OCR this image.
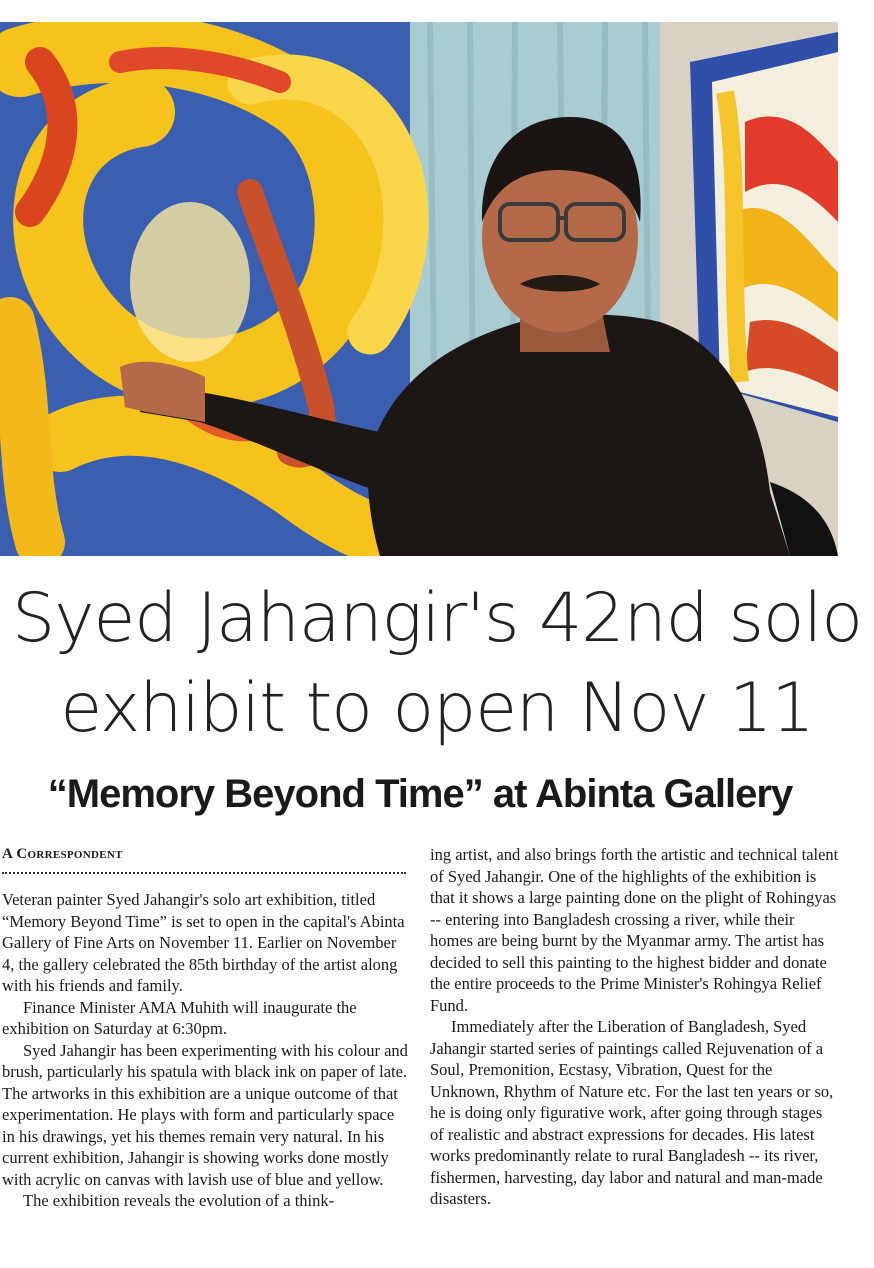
Syed Jahangir's 42nd solo
exhibit to open Nov 11
“Memory Beyond Time” at Abinta Gallery
A Correspondent

Veteran painter Syed Jahangir's solo art exhibition, titled “Memory Beyond Time” is set to open in the capital's Abinta Gallery of Fine Arts on November 11. Earlier on November 4, the gallery celebrated the 85th birthday of the artist along with his friends and family.

Finance Minister AMA Muhith will inaugurate the exhibition on Saturday at 6:30pm.

Syed Jahangir has been experimenting with his colour and brush, particularly his spatula with black ink on paper of late. The artworks in this exhibition are a unique outcome of that experimentation. He plays with form and particularly space in his drawings, yet his themes remain very natural. In his current exhibition, Jahangir is showing works done mostly with acrylic on canvas with lavish use of blue and yellow.

The exhibition reveals the evolution of a think-

ing artist, and also brings forth the artistic and technical talent of Syed Jahangir. One of the highlights of the exhibition is that it shows a large painting done on the plight of Rohingyas -- entering into Bangladesh crossing a river, while their homes are being burnt by the Myanmar army. The artist has decided to sell this painting to the highest bidder and donate the entire proceeds to the Prime Minister's Rohingya Relief Fund.

Immediately after the Liberation of Bangladesh, Syed Jahangir started series of paintings called Rejuvenation of a Soul, Premonition, Ecstasy, Vibration, Quest for the Unknown, Rhythm of Nature etc. For the last ten years or so, he is doing only figurative work, after going through stages of realistic and abstract expressions for decades. His latest works predominantly relate to rural Bangladesh -- its river, fishermen, harvesting, day labor and natural and man-made disasters.
